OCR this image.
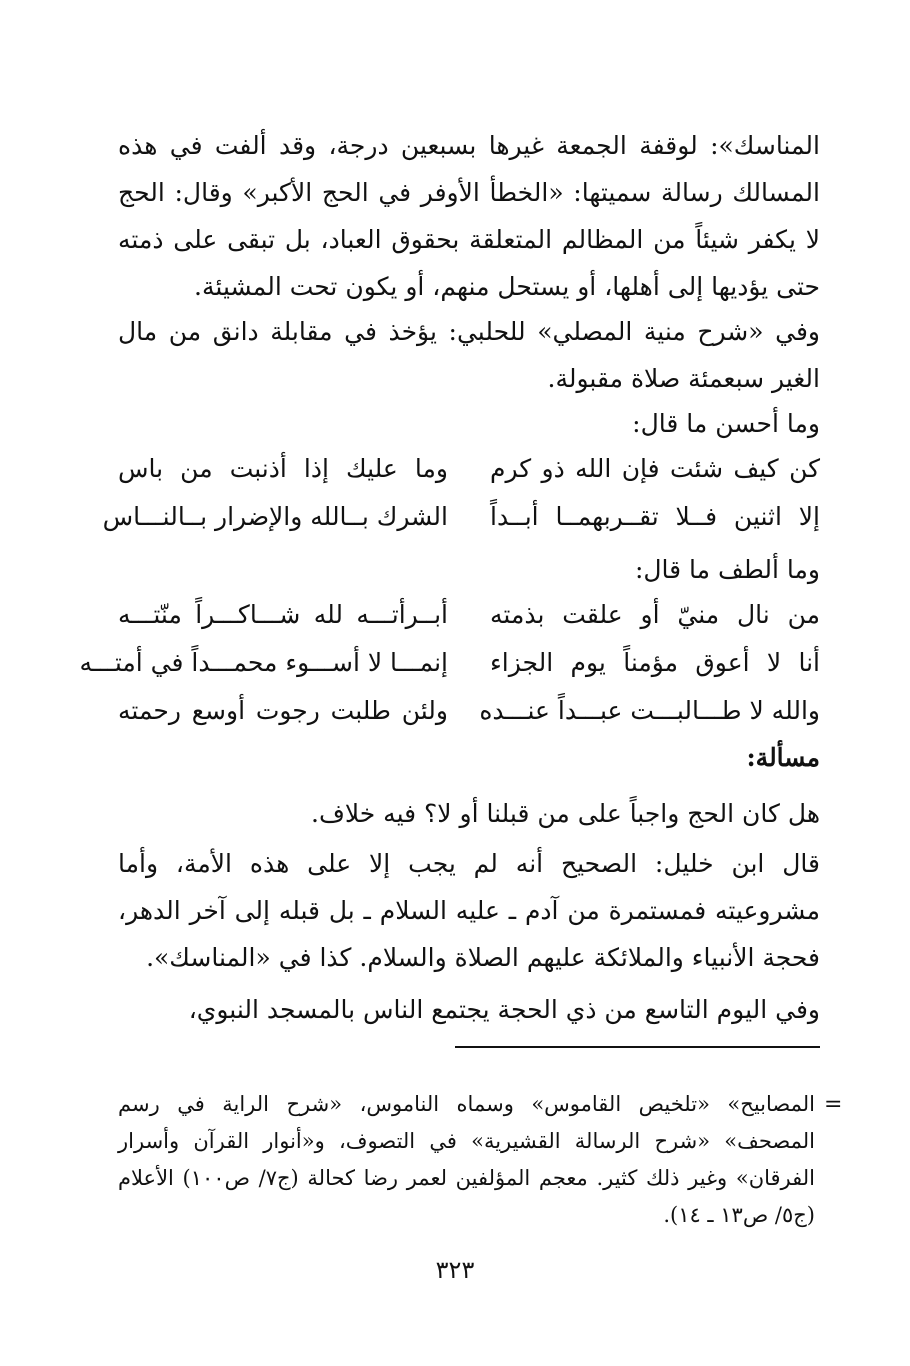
المناسك»: لوقفة الجمعة غيرها بسبعين درجة، وقد ألفت في هذه المسالك رسالة سميتها: «الخطأ الأوفر في الحج الأكبر» وقال: الحج لا يكفر شيئاً من المظالم المتعلقة بحقوق العباد، بل تبقى على ذمته حتى يؤديها إلى أهلها، أو يستحل منهم، أو يكون تحت المشيئة.
وفي «شرح منية المصلي» للحلبي: يؤخذ في مقابلة دانق من مال الغير سبعمئة صلاة مقبولة.
وما أحسن ما قال:
كن كيف شئت فإن الله ذو كرم
وما عليك إذا أذنبت من باس
إلا اثنين فــلا تقــربهمــا أبــداً
الشرك بــالله والإضرار بــالنـــاس
وما ألطف ما قال:
من نال منيّ أو علقت بذمته
أبــرأتـــه لله شـــاكـــراً منّتـــه
أنا لا أعوق مؤمناً يوم الجزاء
إنمـــا لا أســـوء محمـــداً في أمتـــه
والله لا طـــالبـــت عبـــداً عنـــده
ولئن طلبت رجوت أوسع رحمته
مسألة:
هل كان الحج واجباً على من قبلنا أو لا؟ فيه خلاف.
قال ابن خليل: الصحيح أنه لم يجب إلا على هذه الأمة، وأما مشروعيته فمستمرة من آدم ـ عليه السلام ـ بل قبله إلى آخر الدهر، فحجة الأنبياء والملائكة عليهم الصلاة والسلام. كذا في «المناسك».
وفي اليوم التاسع من ذي الحجة يجتمع الناس بالمسجد النبوي،
=
المصابيح» «تلخيص القاموس» وسماه الناموس، «شرح الراية في رسم المصحف» «شرح الرسالة القشيرية» في التصوف، و«أنوار القرآن وأسرار الفرقان» وغير ذلك كثير. معجم المؤلفين لعمر رضا كحالة (ج٧/ ص١٠٠) الأعلام (ج٥/ ص١٣ ـ ١٤).
٣٢٣
